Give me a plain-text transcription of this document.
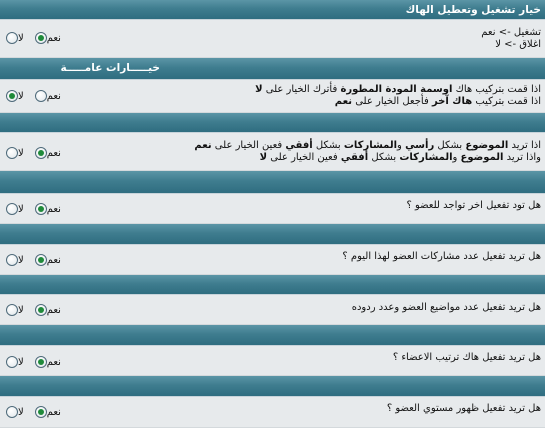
خيار تشغيل وتعطيل الهاك
تشغيل -> نعم
اغلاق -> لا
لا نعم
خيـــــارات عامـــــة
اذا قمت بتركيب هاك اوسمة المودة المطورة فأترك الخيار على لا
اذا قمت بتركيب هاك آخر فأجعل الخيار على نعم
لا نعم
اذا تريد الموضوع بشكل رأسي والمشاركات بشكل أفقي فعين الخيار على نعم
واذا تريد الموضوع والمشاركات بشكل أفقي فعين الخيار على لا
لا نعم
هل تود تفعيل اخر تواجد للعضو ؟
لا نعم
هل تريد تفعيل عدد مشاركات العضو لهذا اليوم ؟
لا نعم
هل تريد تفعيل عدد مواضيع العضو وعدد ردوده
لا نعم
هل تريد تفعيل هاك ترتيب الاعضاء ؟
لا نعم
هل تريد تفعيل ظهور مستوي العضو ؟
لا نعم
